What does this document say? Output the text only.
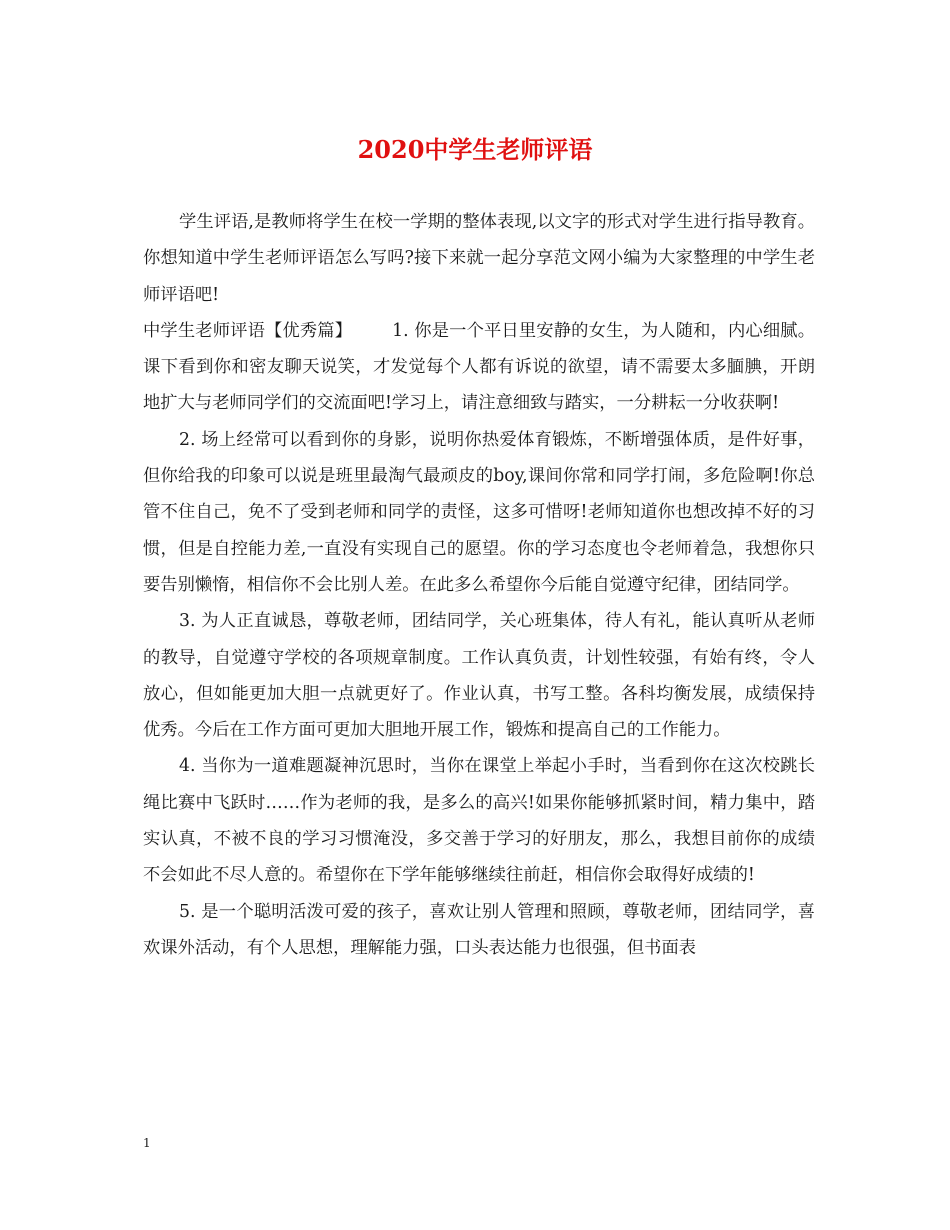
2020中学生老师评语

学生评语,是教师将学生在校一学期的整体表现,以文字的形式对学生进行指导教育。你想知道中学生老师评语怎么写吗?接下来就一起分享范文网小编为大家整理的中学生老师评语吧!

中学生老师评语【优秀篇】 1. 你是一个平日里安静的女生，为人随和，内心细腻。课下看到你和密友聊天说笑，才发觉每个人都有诉说的欲望，请不需要太多腼腆，开朗地扩大与老师同学们的交流面吧!学习上，请注意细致与踏实，一分耕耘一分收获啊!

2. 场上经常可以看到你的身影，说明你热爱体育锻炼，不断增强体质，是件好事，但你给我的印象可以说是班里最淘气最顽皮的boy,课间你常和同学打闹，多危险啊!你总管不住自己，免不了受到老师和同学的责怪，这多可惜呀!老师知道你也想改掉不好的习惯，但是自控能力差,一直没有实现自己的愿望。你的学习态度也令老师着急，我想你只要告别懒惰，相信你不会比别人差。在此多么希望你今后能自觉遵守纪律，团结同学。

3. 为人正直诚恳，尊敬老师，团结同学，关心班集体，待人有礼，能认真听从老师的教导，自觉遵守学校的各项规章制度。工作认真负责，计划性较强，有始有终，令人放心，但如能更加大胆一点就更好了。作业认真，书写工整。各科均衡发展，成绩保持优秀。今后在工作方面可更加大胆地开展工作，锻炼和提高自己的工作能力。

4. 当你为一道难题凝神沉思时，当你在课堂上举起小手时，当看到你在这次校跳长绳比赛中飞跃时……作为老师的我，是多么的高兴!如果你能够抓紧时间，精力集中，踏实认真，不被不良的学习习惯淹没，多交善于学习的好朋友，那么，我想目前你的成绩不会如此不尽人意的。希望你在下学年能够继续往前赶，相信你会取得好成绩的!

5. 是一个聪明活泼可爱的孩子，喜欢让别人管理和照顾，尊敬老师，团结同学，喜欢课外活动，有个人思想，理解能力强，口头表达能力也很强，但书面表

1
